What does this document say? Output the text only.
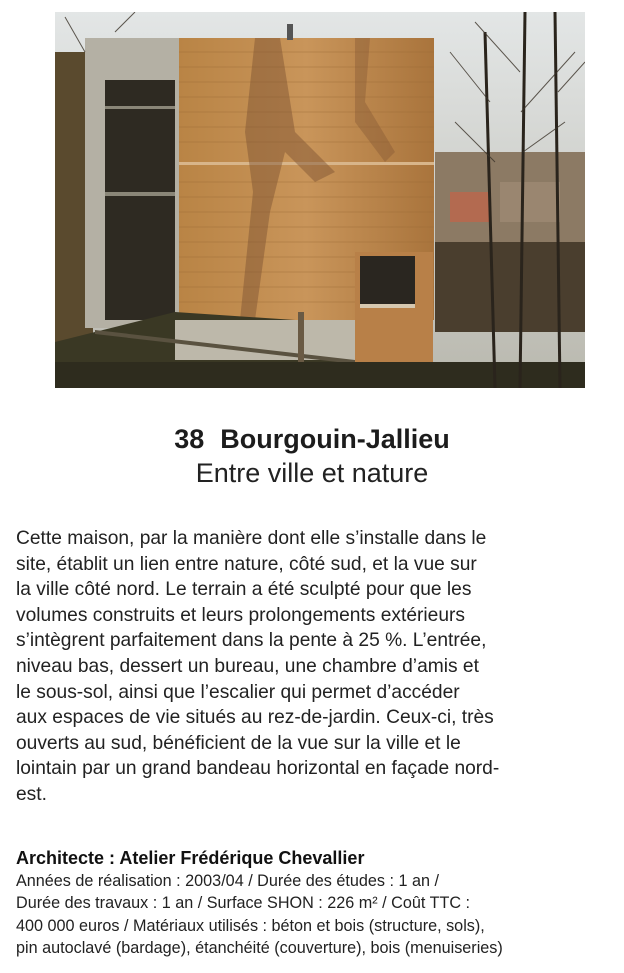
38 Bourgouin-Jallieu
Entre ville et nature

Cette maison, par la manière dont elle s’installe dans le

site, établit un lien entre nature, côté sud, et la vue sur

la ville côté nord. Le terrain a été sculpté pour que les

volumes construits et leurs prolongements extérieurs

s’intègrent parfaitement dans la pente à 25 %. L’entrée,

niveau bas, dessert un bureau, une chambre d’amis et

le sous-sol, ainsi que l’escalier qui permet d’accéder

aux espaces de vie situés au rez-de-jardin. Ceux-ci, très

ouverts au sud, bénéficient de la vue sur la ville et le

lointain par un grand bandeau horizontal en façade nord-

est.

Architecte : Atelier Frédérique Chevallier
Années de réalisation : 2003/04 / Durée des études : 1 an /
Durée des travaux : 1 an / Surface SHON : 226 m² / Coût TTC :
400 000 euros / Matériaux utilisés : béton et bois (structure, sols),
pin autoclavé (bardage), étanchéité (couverture), bois (menuiseries)
